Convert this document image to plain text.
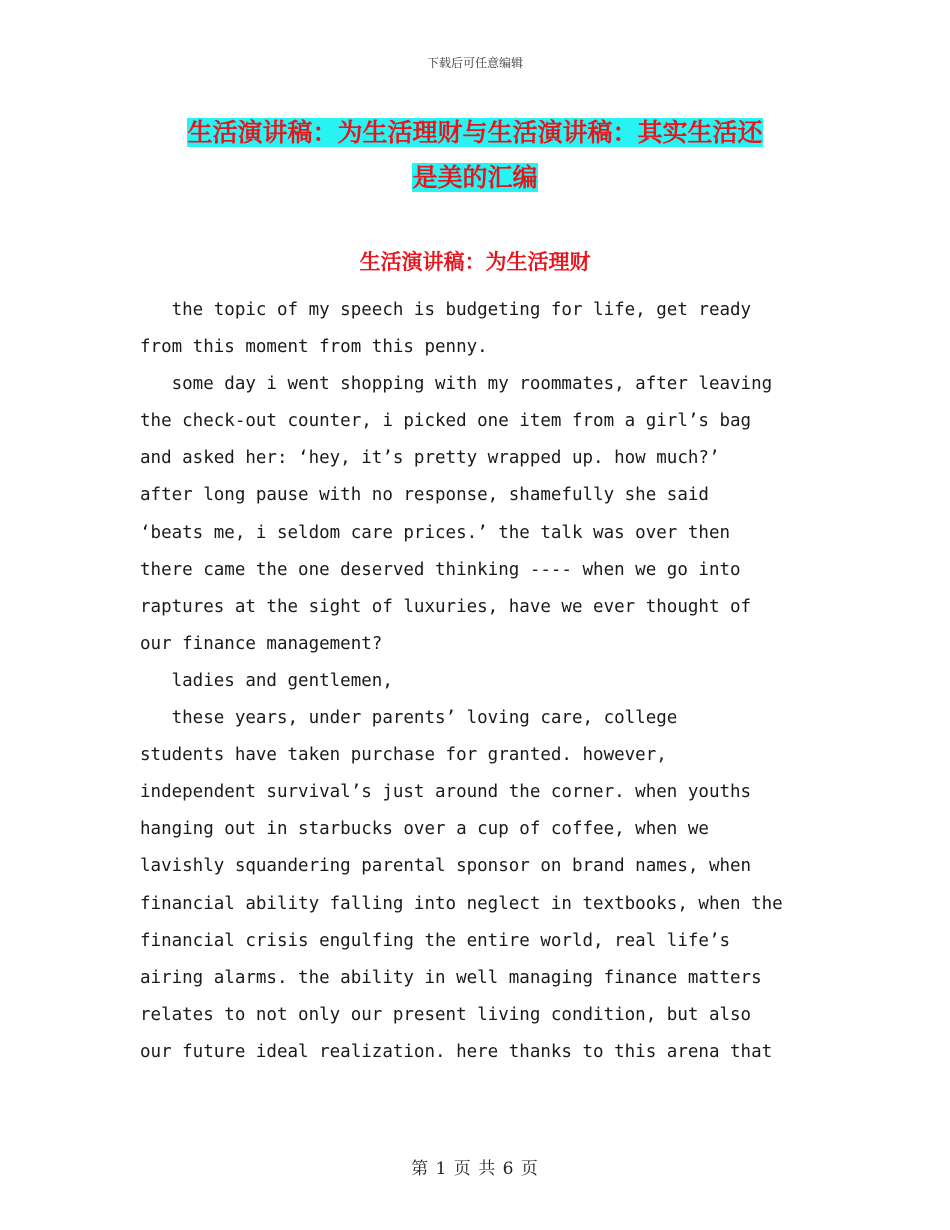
下载后可任意编辑
生活演讲稿：为生活理财与生活演讲稿：其实生活还
是美的汇编
生活演讲稿：为生活理财
the topic of my speech is budgeting for life, get ready
from this moment from this penny.
some day i went shopping with my roommates, after leaving
the check-out counter, i picked one item from a girl’s bag
and asked her: ‘hey, it’s pretty wrapped up. how much?’
after long pause with no response, shamefully she said
‘beats me, i seldom care prices.’ the talk was over then
there came the one deserved thinking ---- when we go into
raptures at the sight of luxuries, have we ever thought of
our finance management?
ladies and gentlemen,
these years, under parents’ loving care, college
students have taken purchase for granted. however,
independent survival’s just around the corner. when youths
hanging out in starbucks over a cup of coffee, when we
lavishly squandering parental sponsor on brand names, when
financial ability falling into neglect in textbooks, when the
financial crisis engulfing the entire world, real life’s
airing alarms. the ability in well managing finance matters
relates to not only our present living condition, but also
our future ideal realization. here thanks to this arena that
第 1 页 共 6 页
